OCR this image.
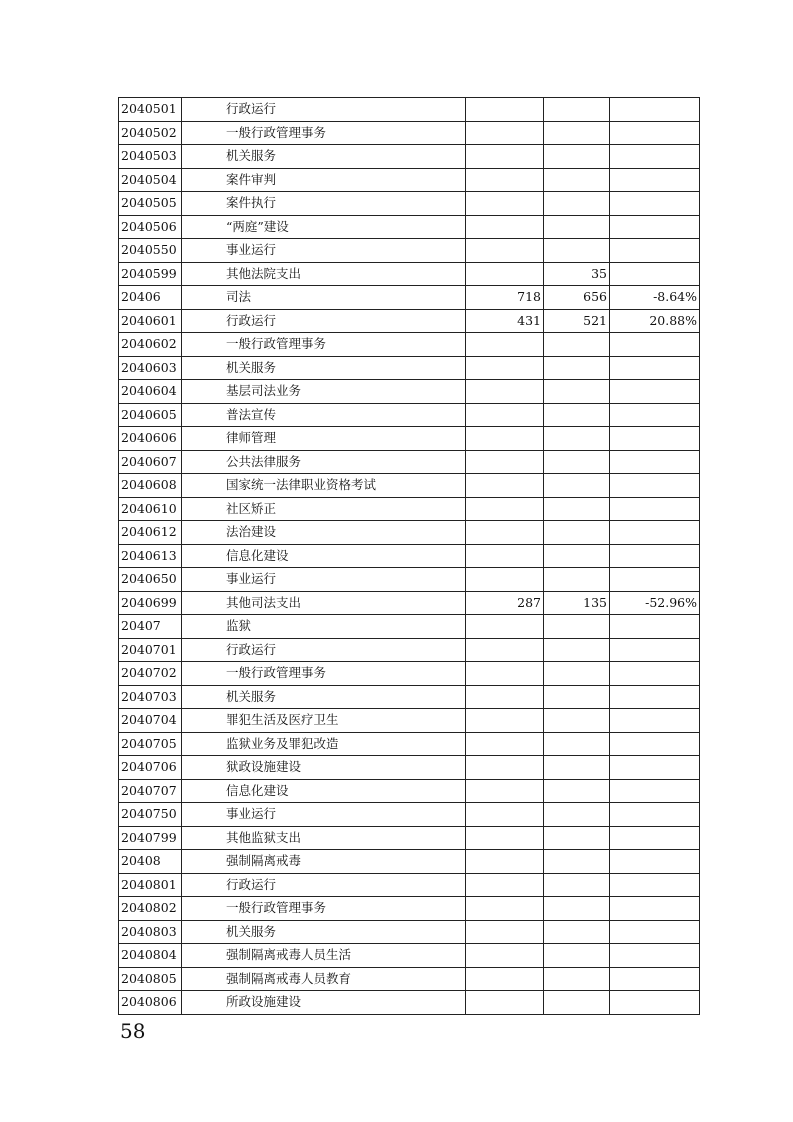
2040501	行政运行			
2040502	一般行政管理事务			
2040503	机关服务			
2040504	案件审判			
2040505	案件执行			
2040506	“两庭”建设			
2040550	事业运行			
2040599	其他法院支出		35	
20406	司法	718	656	-8.64%
2040601	行政运行	431	521	20.88%
2040602	一般行政管理事务			
2040603	机关服务			
2040604	基层司法业务			
2040605	普法宣传			
2040606	律师管理			
2040607	公共法律服务			
2040608	国家统一法律职业资格考试			
2040610	社区矫正			
2040612	法治建设			
2040613	信息化建设			
2040650	事业运行			
2040699	其他司法支出	287	135	-52.96%
20407	监狱			
2040701	行政运行			
2040702	一般行政管理事务			
2040703	机关服务			
2040704	罪犯生活及医疗卫生			
2040705	监狱业务及罪犯改造			
2040706	狱政设施建设			
2040707	信息化建设			
2040750	事业运行			
2040799	其他监狱支出			
20408	强制隔离戒毒			
2040801	行政运行			
2040802	一般行政管理事务			
2040803	机关服务			
2040804	强制隔离戒毒人员生活			
2040805	强制隔离戒毒人员教育			
2040806	所政设施建设			
58
